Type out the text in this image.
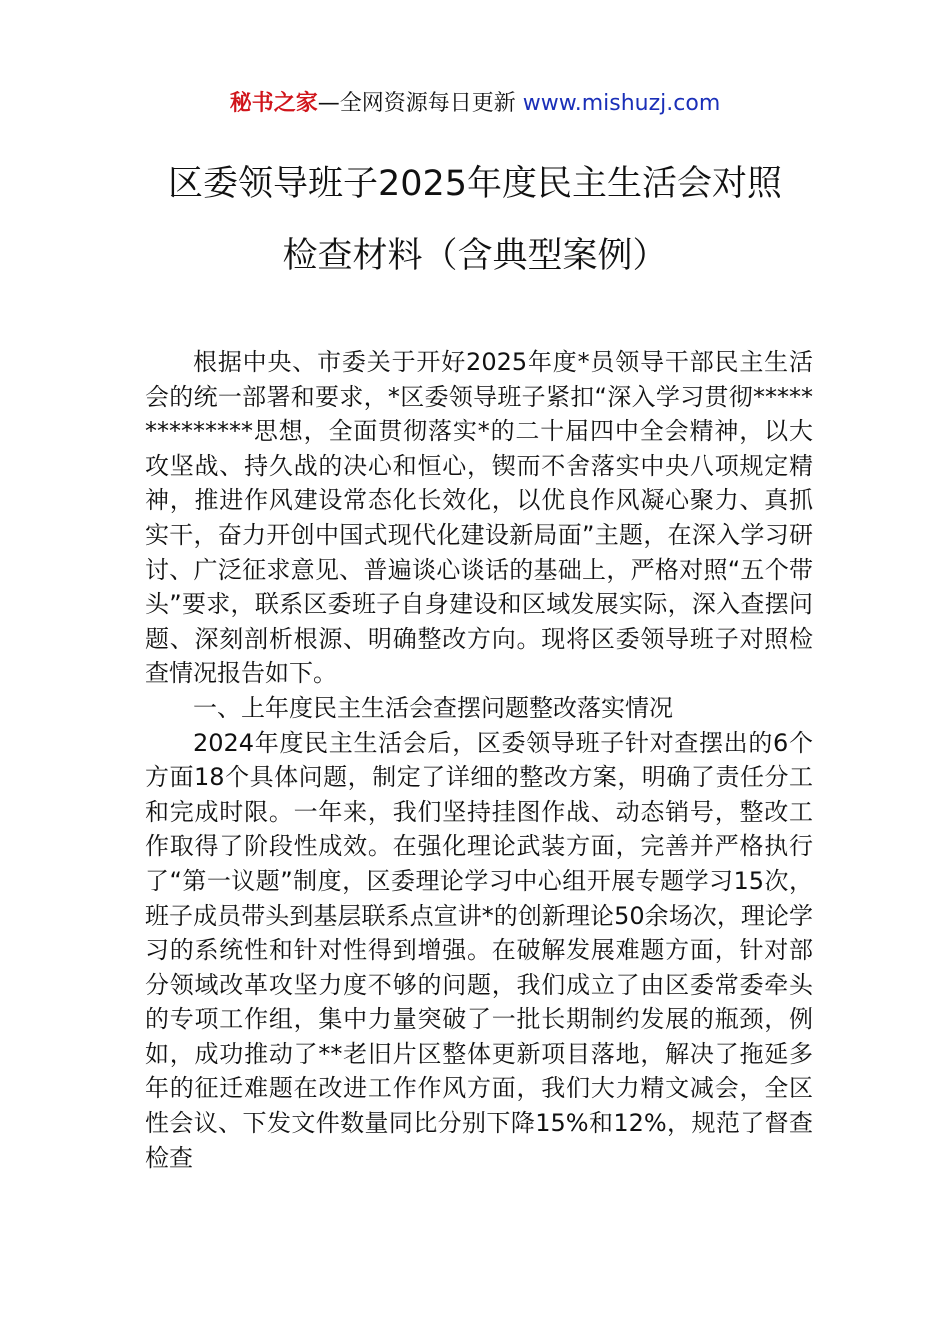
秘书之家—全网资源每日更新 www.mishuzj.com
区委领导班子2025年度民主生活会对照
检查材料（含典型案例）

根据中央、市委关于开好2025年度*员领导干部民主生活会的统一部署和要求，*区委领导班子紧扣“深入学习贯彻**************思想，全面贯彻落实*的二十届四中全会精神，以大攻坚战、持久战的决心和恒心，锲而不舍落实中央八项规定精神，推进作风建设常态化长效化，以优良作风凝心聚力、真抓实干，奋力开创中国式现代化建设新局面”主题，在深入学习研讨、广泛征求意见、普遍谈心谈话的基础上，严格对照“五个带头”要求，联系区委班子自身建设和区域发展实际，深入查摆问题、深刻剖析根源、明确整改方向。现将区委领导班子对照检查情况报告如下。

一、上年度民主生活会查摆问题整改落实情况

2024年度民主生活会后，区委领导班子针对查摆出的6个方面18个具体问题，制定了详细的整改方案，明确了责任分工和完成时限。一年来，我们坚持挂图作战、动态销号，整改工作取得了阶段性成效。在强化理论武装方面，完善并严格执行了“第一议题”制度，区委理论学习中心组开展专题学习15次，班子成员带头到基层联系点宣讲*的创新理论50余场次，理论学习的系统性和针对性得到增强。在破解发展难题方面，针对部分领域改革攻坚力度不够的问题，我们成立了由区委常委牵头的专项工作组，集中力量突破了一批长期制约发展的瓶颈，例如，成功推动了**老旧片区整体更新项目落地，解决了拖延多年的征迁难题在改进工作作风方面，我们大力精文减会，全区性会议、下发文件数量同比分别下降15%和12%，规范了督查检查
